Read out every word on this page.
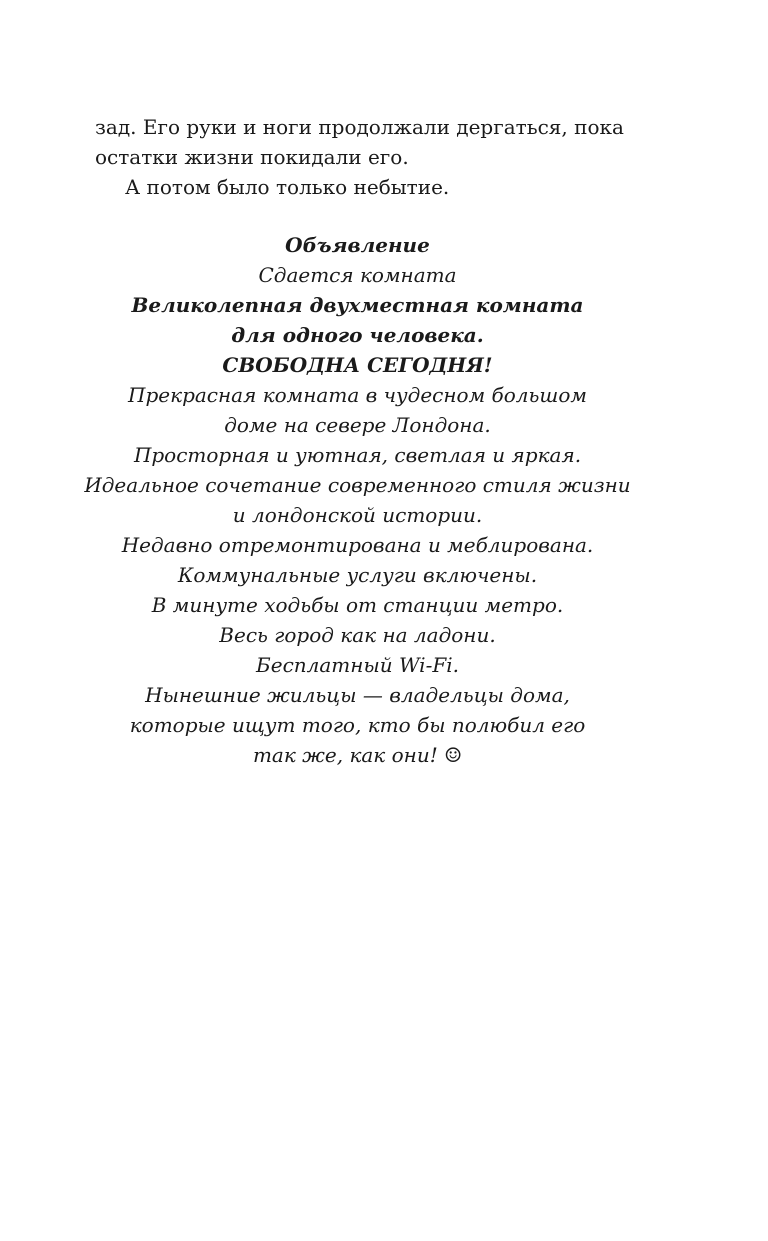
зад. Его руки и ноги продолжали дергаться, пока
остатки жизни покидали его.
А потом было только небытие.
Объявление
Сдается комната
Великолепная двухместная комната
для одного человека.
СВОБОДНА СЕГОДНЯ!
Прекрасная комната в чудесном большом
доме на севере Лондона.
Просторная и уютная, светлая и яркая.
Идеальное сочетание современного стиля жизни
и лондонской истории.
Недавно отремонтирована и меблирована.
Коммунальные услуги включены.
В минуте ходьбы от станции метро.
Весь город как на ладони.
Бесплатный Wi-Fi.
Нынешние жильцы — владельцы дома,
которые ищут того, кто бы полюбил его
так же, как они! ☺
